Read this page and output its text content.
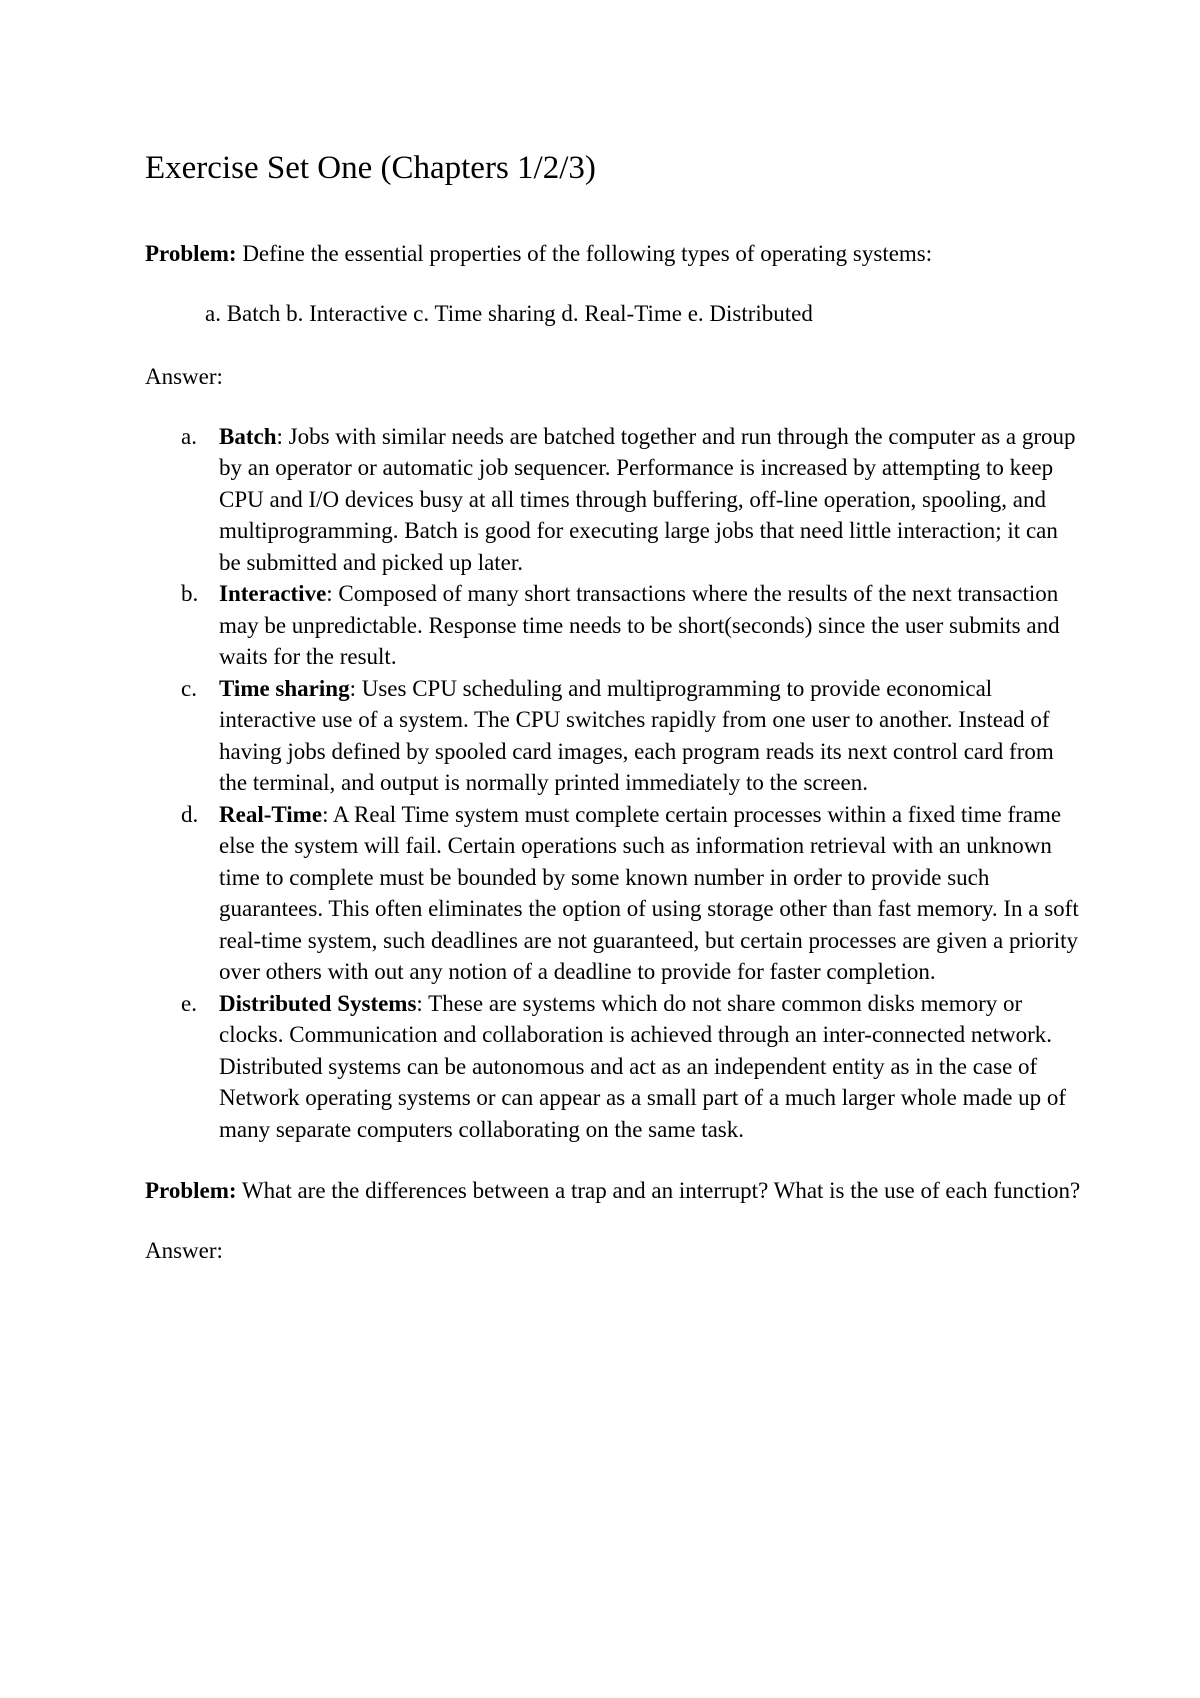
Exercise Set One (Chapters 1/2/3)

Problem: Define the essential properties of the following types of operating systems:

a. Batch b. Interactive c. Time sharing d. Real-Time e. Distributed

Answer:

a. Batch: Jobs with similar needs are batched together and run through the computer as a group by an operator or automatic job sequencer. Performance is increased by attempting to keep CPU and I/O devices busy at all times through buffering, off-line operation, spooling, and multiprogramming. Batch is good for executing large jobs that need little interaction; it can be submitted and picked up later.
b. Interactive: Composed of many short transactions where the results of the next transaction may be unpredictable. Response time needs to be short(seconds) since the user submits and waits for the result.
c. Time sharing: Uses CPU scheduling and multiprogramming to provide economical interactive use of a system. The CPU switches rapidly from one user to another. Instead of having jobs defined by spooled card images, each program reads its next control card from the terminal, and output is normally printed immediately to the screen.
d. Real-Time: A Real Time system must complete certain processes within a fixed time frame else the system will fail. Certain operations such as information retrieval with an unknown time to complete must be bounded by some known number in order to provide such guarantees. This often eliminates the option of using storage other than fast memory. In a soft real-time system, such deadlines are not guaranteed, but certain processes are given a priority over others with out any notion of a deadline to provide for faster completion.
e. Distributed Systems: These are systems which do not share common disks memory or clocks. Communication and collaboration is achieved through an inter-connected network. Distributed systems can be autonomous and act as an independent entity as in the case of Network operating systems or can appear as a small part of a much larger whole made up of many separate computers collaborating on the same task.

Problem: What are the differences between a trap and an interrupt? What is the use of each function?

Answer:
